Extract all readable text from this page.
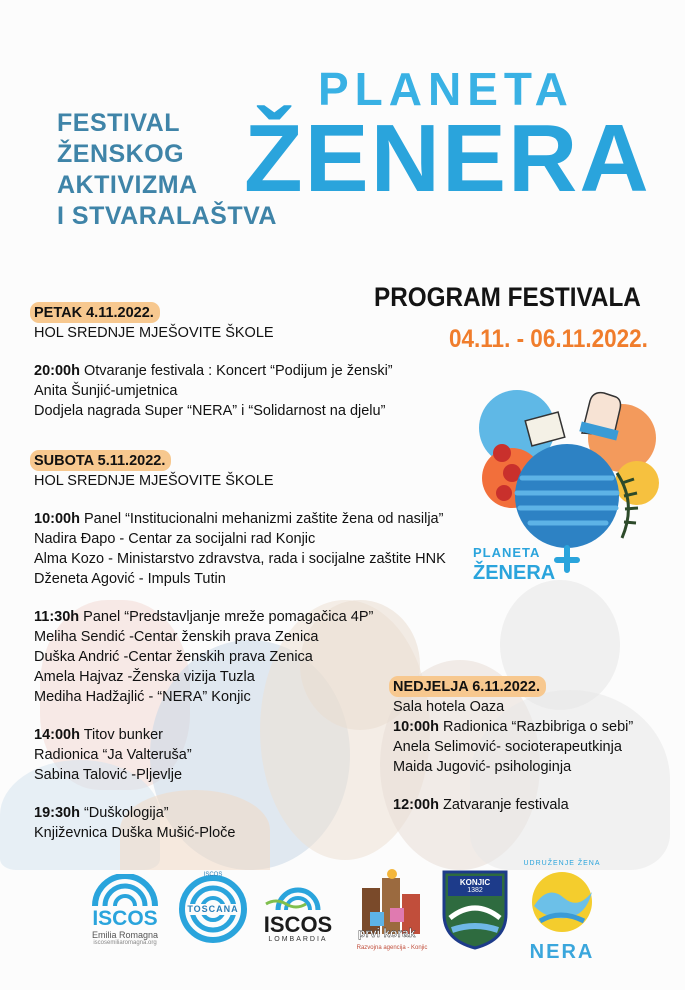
FESTIVAL
ŽENSKOG
AKTIVIZMA
I STVARALAŠTVA
PLANETA
ŽENERA
PROGRAM FESTIVALA
04.11. - 06.11.2022.
PETAK 4.11.2022.
HOL SREDNJE MJEŠOVITE ŠKOLE
20:00h Otvaranje festivala : Koncert “Podijum je ženski”
Anita Šunjić-umjetnica
Dodjela nagrada Super “NERA” i “Solidarnost na djelu”
SUBOTA 5.11.2022.
HOL SREDNJE MJEŠOVITE ŠKOLE
10:00h Panel “Institucionalni mehanizmi zaštite žena od nasilja”
Nadira Đapo - Centar za socijalni rad Konjic
Alma Kozo - Ministarstvo zdravstva, rada i socijalne zaštite HNK
Dženeta Agović - Impuls Tutin
11:30h Panel “Predstavljanje mreže pomagačica 4P”
Meliha Sendić -Centar ženskih prava Zenica
Duška Andrić -Centar ženskih prava Zenica
Amela Hajvaz -Ženska vizija Tuzla
Mediha Hadžajlić - “NERA” Konjic
14:00h Titov bunker
Radionica “Ja Valteruša”
Sabina Talović -Pljevlje
19:30h “Duškologija”
Književnica Duška Mušić-Ploče
NEDJELJA 6.11.2022.
Sala hotela Oaza
10:00h Radionica “Razbibriga o sebi”
Anela Selimović- socioterapeutkinja
Maida Jugović- psihologinja
12:00h Zatvaranje festivala
PLANETA
ŽENERA
ISCOS
Emilia Romagna
iscosemiliaromagna.org
TOSCANA
ISCOS
ISCOS
LOMBARDIA	prvi korak
Razvojna agencija - Konjic
KONJIC
1382
UDRUŽENJE ŽENA
NERA
